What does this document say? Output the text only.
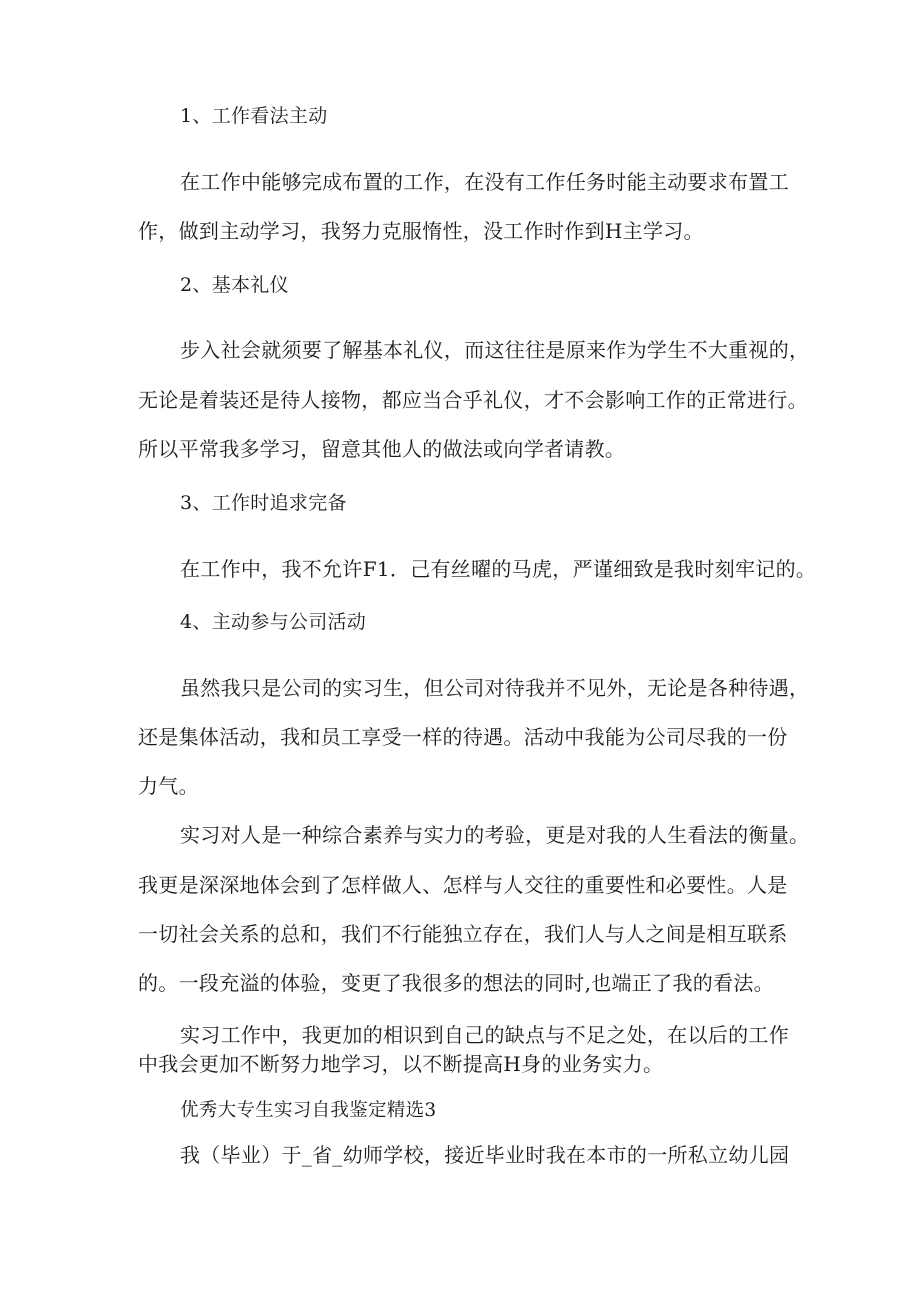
1、工作看法主动
在工作中能够完成布置的工作，在没有工作任务时能主动要求布置工
作，做到主动学习，我努力克服惰性，没工作时作到H主学习。
2、基本礼仪
步入社会就须要了解基本礼仪，而这往往是原来作为学生不大重视的，
无论是着装还是待人接物，都应当合乎礼仪，才不会影响工作的正常进行。
所以平常我多学习，留意其他人的做法或向学者请教。
3、工作时追求完备
在工作中，我不允许F1．己有丝曜的马虎，严谨细致是我时刻牢记的。
4、主动参与公司活动
虽然我只是公司的实习生，但公司对待我并不见外，无论是各种待遇，
还是集体活动，我和员工享受一样的待遇。活动中我能为公司尽我的一份
力气。
实习对人是一种综合素养与实力的考验，更是对我的人生看法的衡量。
我更是深深地体会到了怎样做人、怎样与人交往的重要性和必要性。人是
一切社会关系的总和，我们不行能独立存在，我们人与人之间是相互联系
的。一段充溢的体验，变更了我很多的想法的同时,也端正了我的看法。
实习工作中，我更加的相识到自己的缺点与不足之处，在以后的工作
中我会更加不断努力地学习，以不断提高H身的业务实力。
优秀大专生实习自我鉴定精选3
我（毕业）于_省_幼师学校，接近毕业时我在本市的一所私立幼儿园
